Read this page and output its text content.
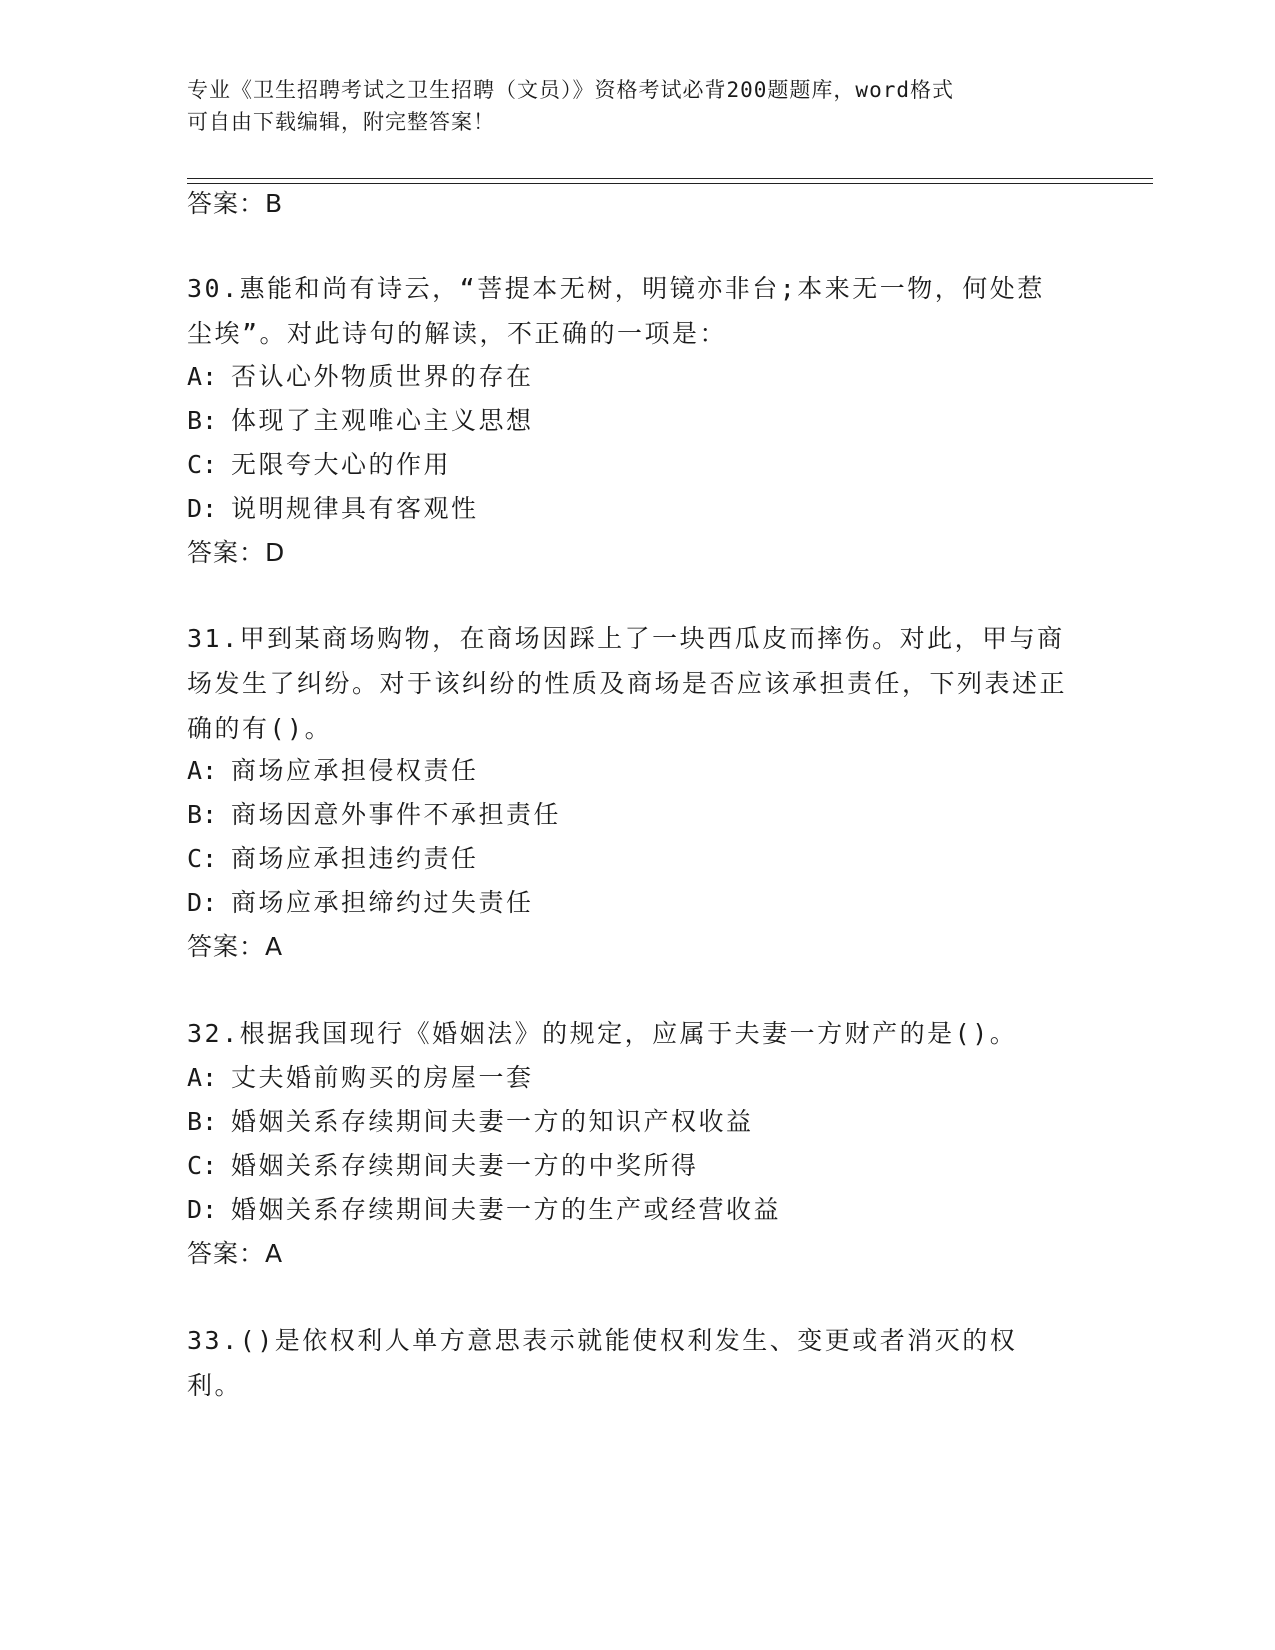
专业《卫生招聘考试之卫生招聘（文员）》资格考试必背200题题库，word格式
可自由下载编辑，附完整答案！
答案：B
30.惠能和尚有诗云，“菩提本无树，明镜亦非台;本来无一物，何处惹尘埃”。对此诗句的解读，不正确的一项是：
A: 否认心外物质世界的存在
B: 体现了主观唯心主义思想
C: 无限夸大心的作用
D: 说明规律具有客观性
答案：D
31.甲到某商场购物，在商场因踩上了一块西瓜皮而摔伤。对此，甲与商场发生了纠纷。对于该纠纷的性质及商场是否应该承担责任，下列表述正确的有()。
A: 商场应承担侵权责任
B: 商场因意外事件不承担责任
C: 商场应承担违约责任
D: 商场应承担缔约过失责任
答案：A
32.根据我国现行《婚姻法》的规定，应属于夫妻一方财产的是()。
A: 丈夫婚前购买的房屋一套
B: 婚姻关系存续期间夫妻一方的知识产权收益
C: 婚姻关系存续期间夫妻一方的中奖所得
D: 婚姻关系存续期间夫妻一方的生产或经营收益
答案：A
33.()是依权利人单方意思表示就能使权利发生、变更或者消灭的权利。
